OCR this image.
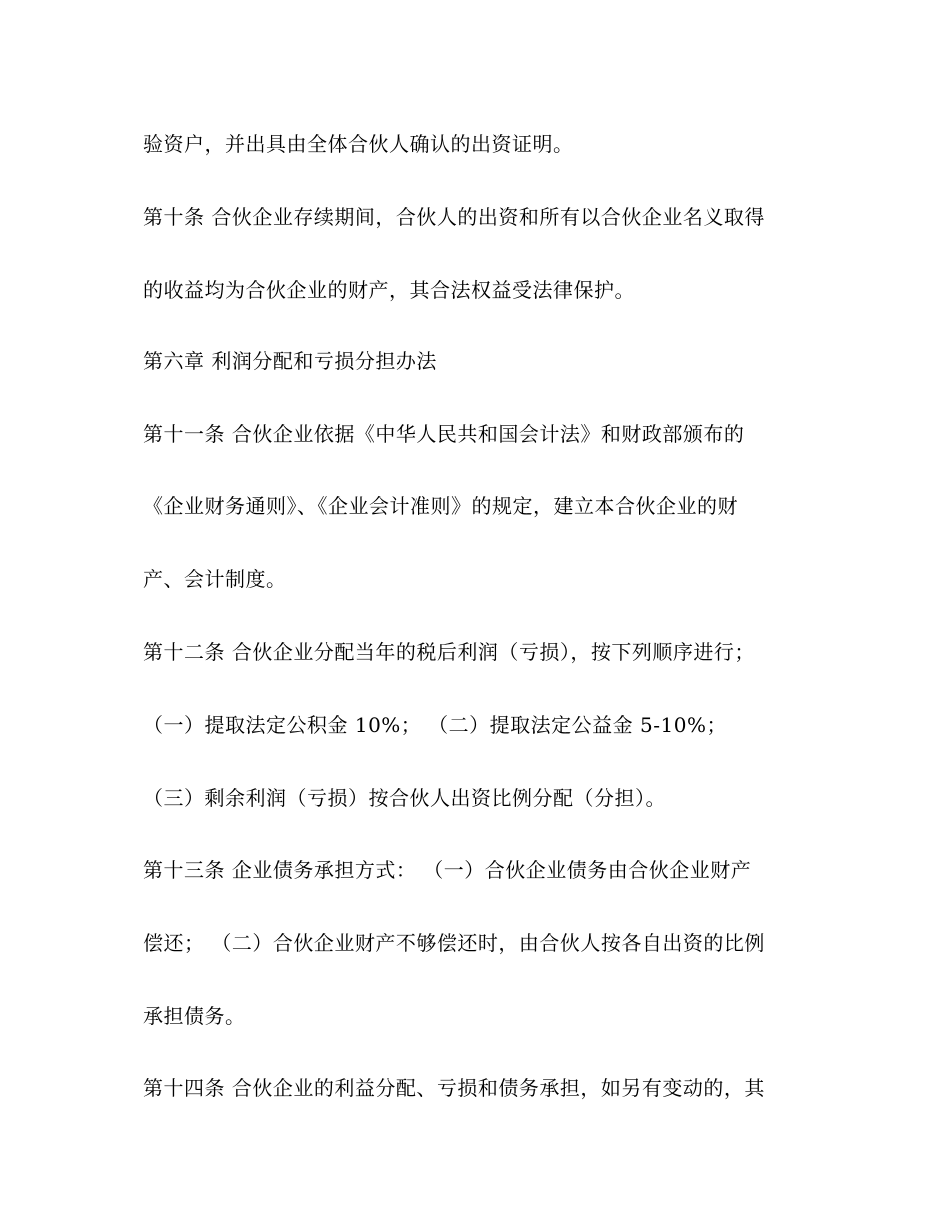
验资户，并出具由全体合伙人确认的出资证明。
第十条 合伙企业存续期间，合伙人的出资和所有以合伙企业名义取得
的收益均为合伙企业的财产，其合法权益受法律保护。
第六章 利润分配和亏损分担办法
第十一条 合伙企业依据《中华人民共和国会计法》和财政部颁布的
《企业财务通则》、《企业会计准则》的规定，建立本合伙企业的财
产、会计制度。
第十二条 合伙企业分配当年的税后利润（亏损），按下列顺序进行；
（一）提取法定公积金 10%； （二）提取法定公益金 5-10%；
（三）剩余利润（亏损）按合伙人出资比例分配（分担）。
第十三条 企业债务承担方式： （一）合伙企业债务由合伙企业财产
偿还； （二）合伙企业财产不够偿还时，由合伙人按各自出资的比例
承担债务。
第十四条 合伙企业的利益分配、亏损和债务承担，如另有变动的，其
